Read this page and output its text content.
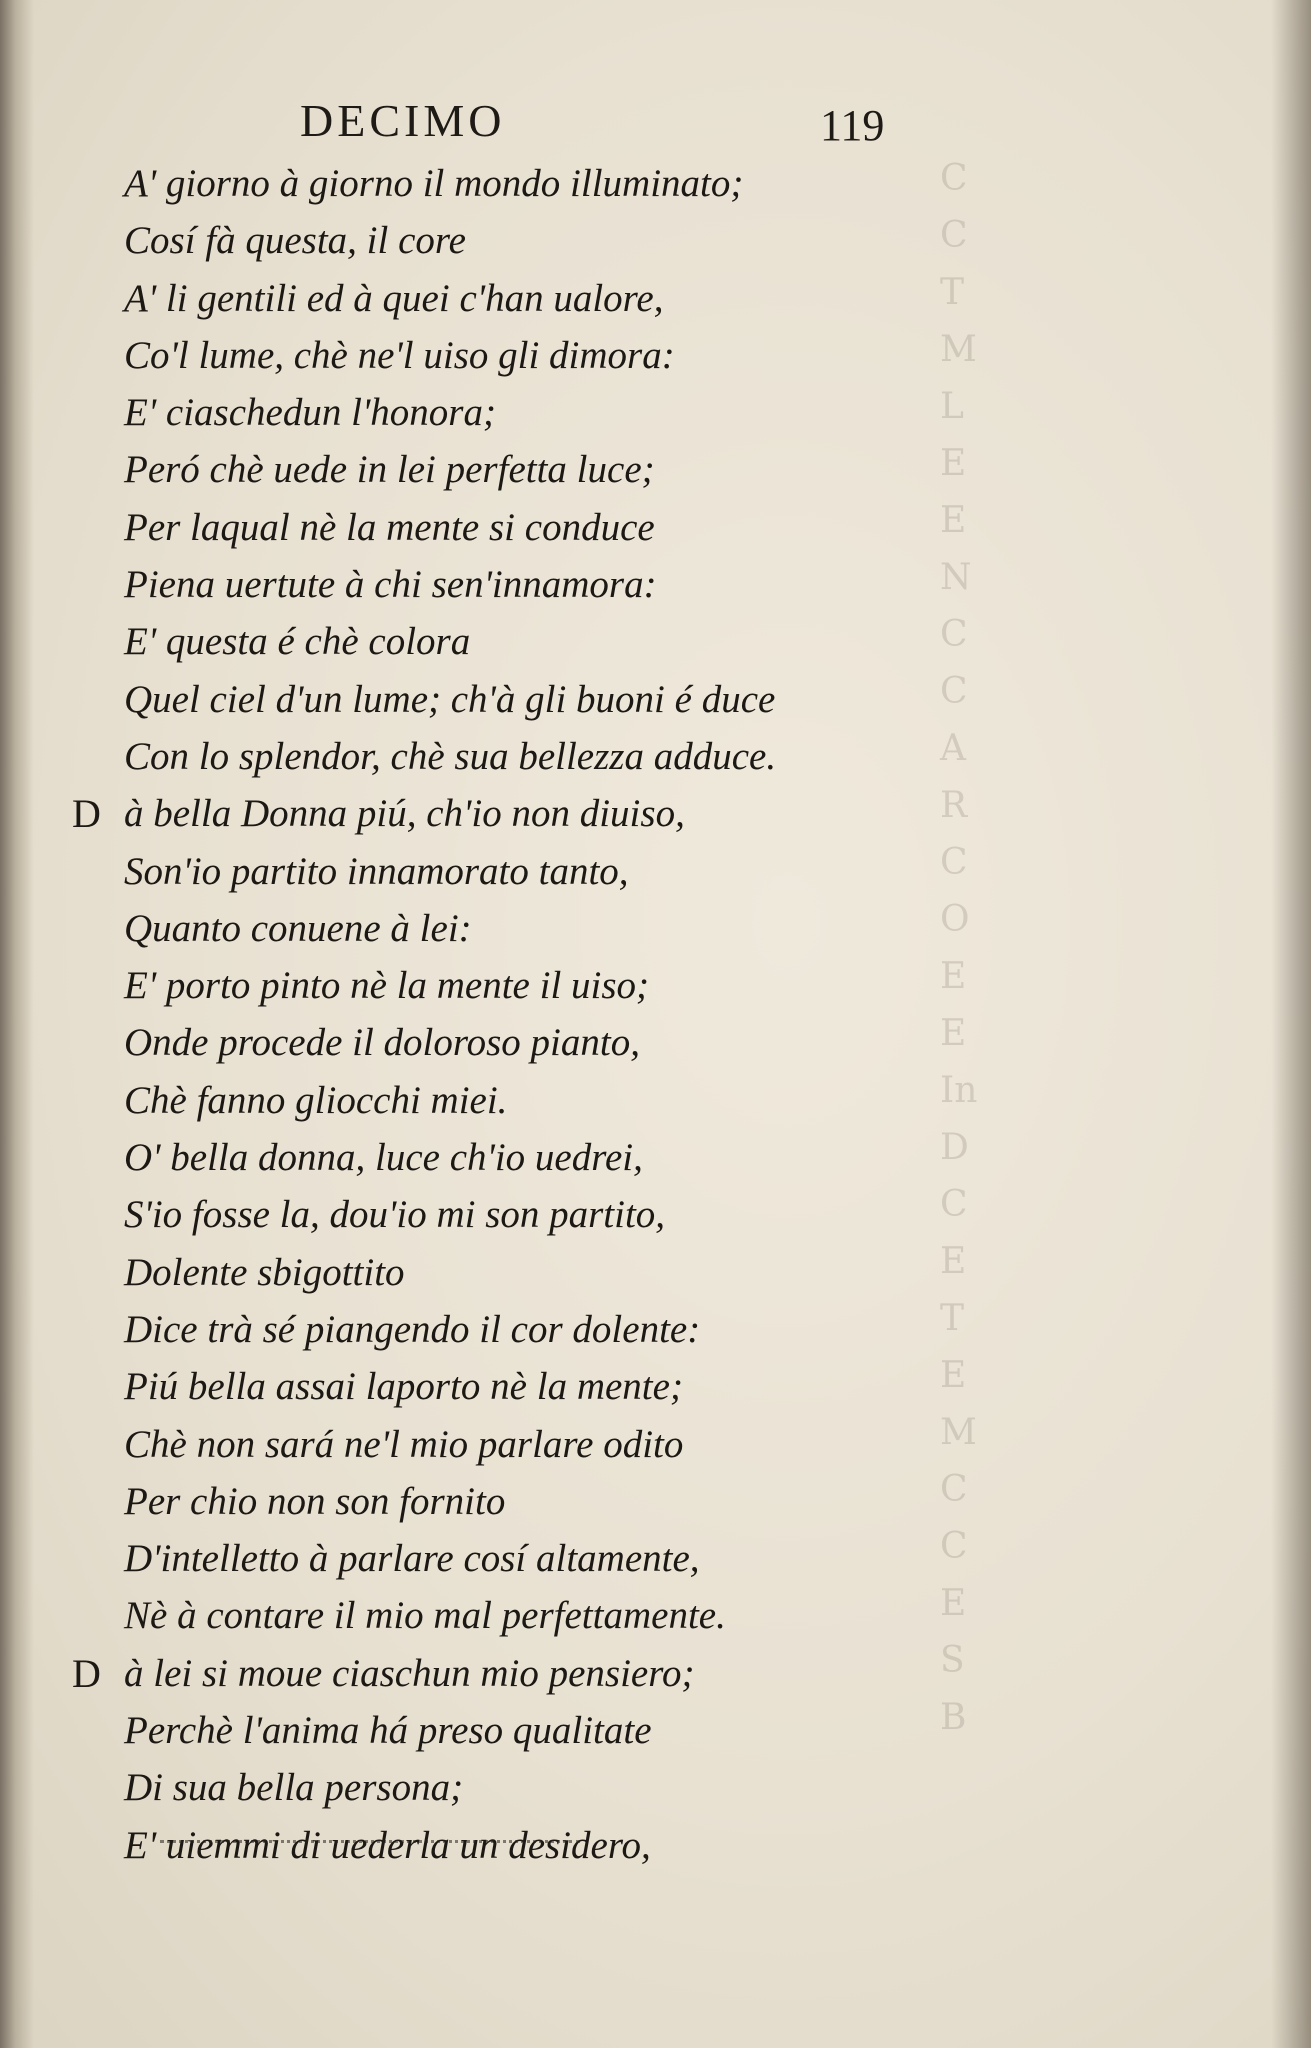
C
C
T
M
L
E
E
N
C
C
A
R
C
O
E
E
In
D
C
E
T
E
M
C
C
E
S
B
DECIMO	119
A' giorno à giorno il mondo illuminato;
Cosí fà questa, il core
A' li gentili ed à quei c'han ualore,
Co'l lume, chè ne'l uiso gli dimora:
E' ciaschedun l'honora;
Peró chè uede in lei perfetta luce;
Per laqual nè la mente si conduce
Piena uertute à chi sen'innamora:
E' questa é chè colora
Quel ciel d'un lume; ch'à gli buoni é duce
Con lo splendor, chè sua bellezza adduce.
D à bella Donna piú, ch'io non diuiso,
Son'io partito innamorato tanto,
Quanto conuene à lei:
E' porto pinto nè la mente il uiso;
Onde procede il doloroso pianto,
Chè fanno gliocchi miei.
O' bella donna, luce ch'io uedrei,
S'io fosse la, dou'io mi son partito,
Dolente sbigottito
Dice trà sé piangendo il cor dolente:
Piú bella assai laporto nè la mente;
Chè non sará ne'l mio parlare odito
Per chio non son fornito
D'intelletto à parlare cosí altamente,
Nè à contare il mio mal perfettamente.
D à lei si moue ciaschun mio pensiero;
Perchè l'anima há preso qualitate
Di sua bella persona;
E' uiemmi di uederla un desidero,
